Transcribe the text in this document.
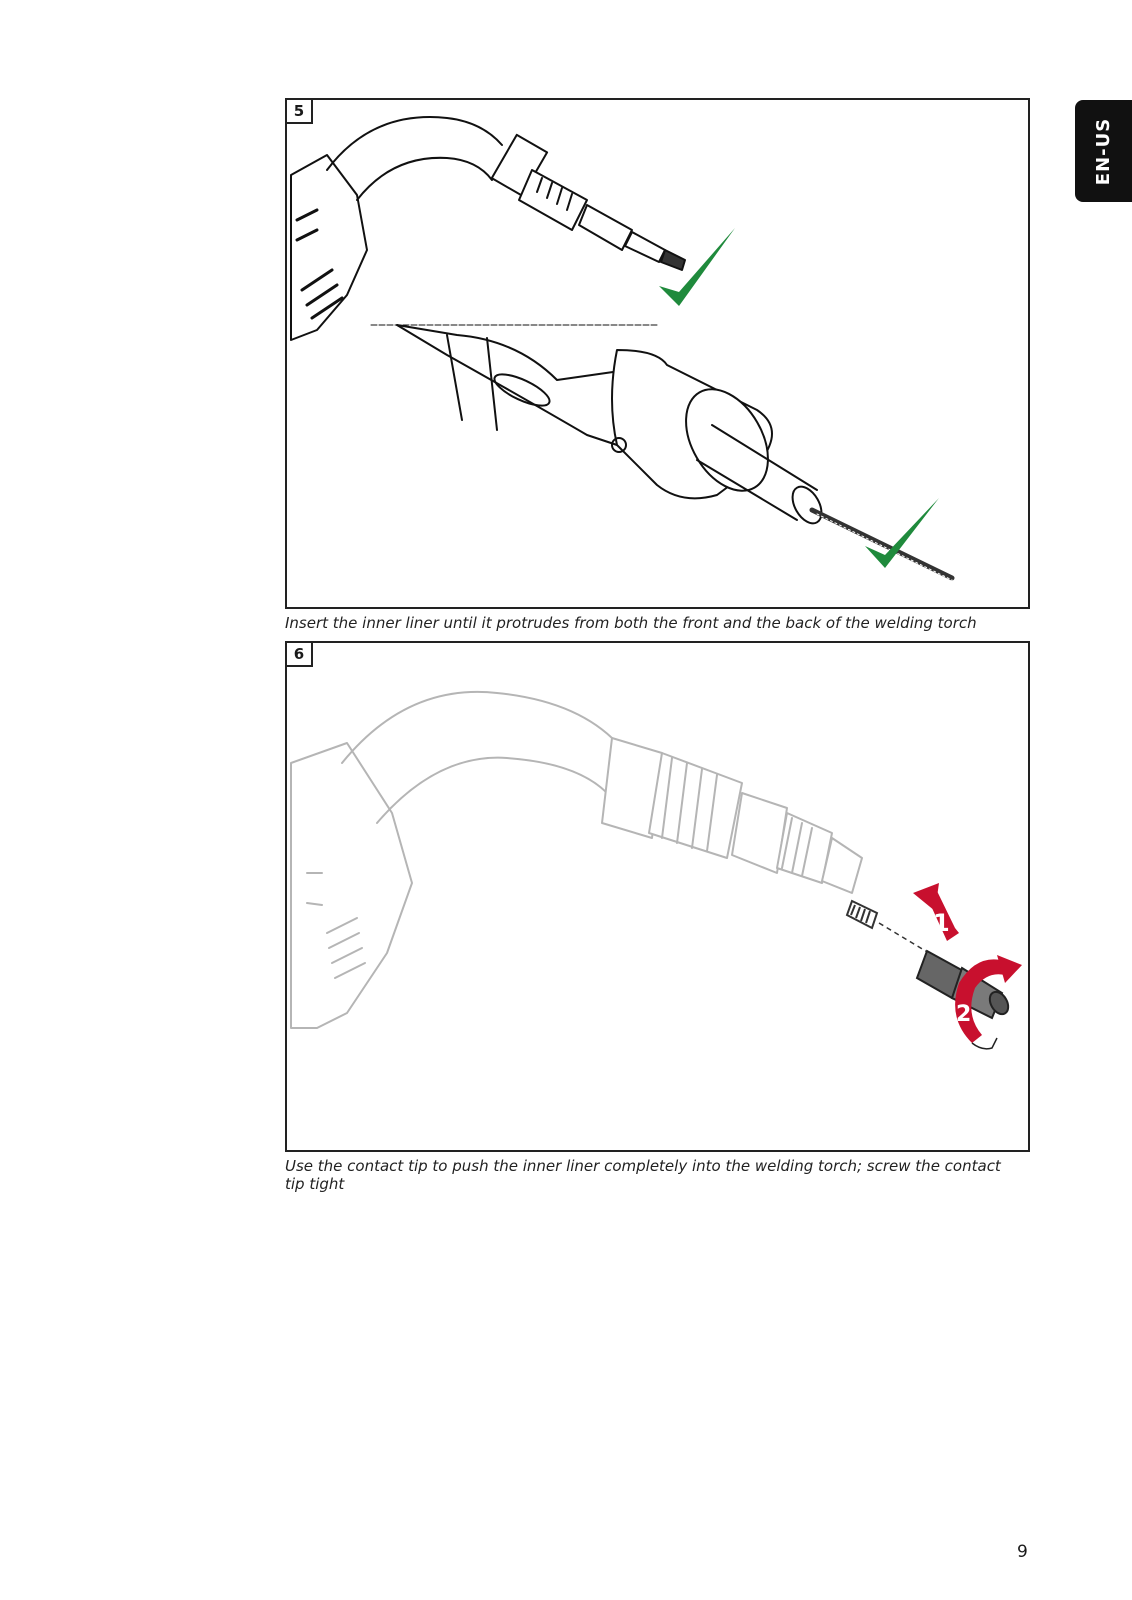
EN-US
5
Insert the inner liner until it protrudes from both the front and the back of the welding torch
6
1
2
Use the contact tip to push the inner liner completely into the welding torch; screw the contact tip tight
9
